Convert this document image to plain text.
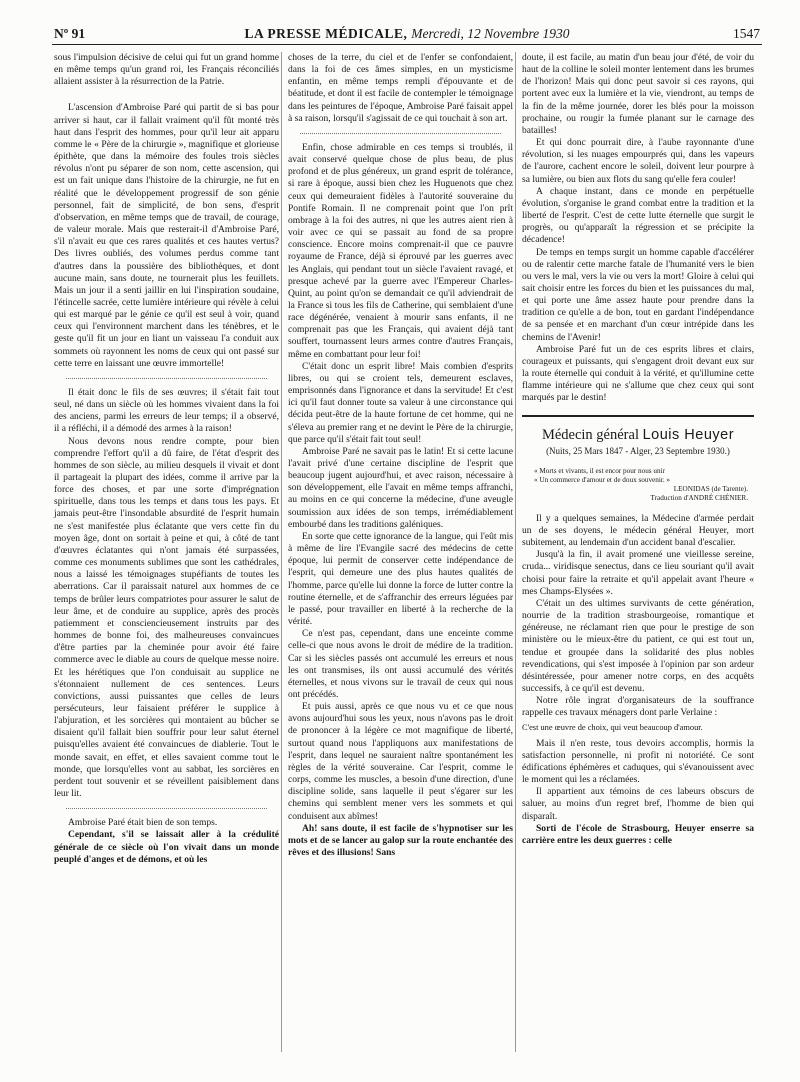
Nº 91	LA PRESSE MÉDICALE, Mercredi, 12 Novembre 1930	1547

sous l'impulsion décisive de celui qui fut un grand homme en même temps qu'un grand roi, les Français réconciliés allaient assister à la résurrection de la Patrie.

L'ascension d'Ambroise Paré qui partit de si bas pour arriver si haut, car il fallait vraiment qu'il fût monté très haut dans l'esprit des hommes, pour qu'il leur ait apparu comme le « Père de la chirurgie », magnifique et glorieuse épithète, que dans la mémoire des foules trois siècles révolus n'ont pu séparer de son nom, cette ascension, qui est un fait unique dans l'histoire de la chirurgie, ne fut en réalité que le développement progressif de son génie personnel, fait de simplicité, de bon sens, d'esprit d'observation, en même temps que de travail, de courage, de valeur morale. Mais que resterait-il d'Ambroise Paré, s'il n'avait eu que ces rares qualités et ces hautes vertus? Des livres oubliés, des volumes perdus comme tant d'autres dans la poussière des bibliothèques, et dont aucune main, sans doute, ne tournerait plus les feuillets. Mais un jour il a senti jaillir en lui l'inspiration soudaine, l'étincelle sacrée, cette lumière intérieure qui révèle à celui qui est marqué par le génie ce qu'il est seul à voir, quand ceux qui l'environnent marchent dans les ténèbres, et le geste qu'il fit un jour en liant un vaisseau l'a conduit aux sommets où rayonnent les noms de ceux qui ont passé sur cette terre en laissant une œuvre immortelle!

Il était donc le fils de ses œuvres; il s'était fait tout seul, né dans un siècle où les hommes vivaient dans la foi des anciens, parmi les erreurs de leur temps; il a observé, il a réfléchi, il a démodé des armes à la raison!

Nous devons nous rendre compte, pour bien comprendre l'effort qu'il a dû faire, de l'état d'esprit des hommes de son siècle, au milieu desquels il vivait et dont il partageait la plupart des idées, comme il arrive par la force des choses, et par une sorte d'imprégnation spirituelle, dans tous les temps et dans tous les pays. Et jamais peut-être l'insondable absurdité de l'esprit humain ne s'est manifestée plus éclatante que vers cette fin du moyen âge, dont on sortait à peine et qui, à côté de tant d'œuvres éclatantes qui n'ont jamais été surpassées, comme ces monuments sublimes que sont les cathédrales, nous a laissé les témoignages stupéfiants de toutes les aberrations. Car il paraissait naturel aux hommes de ce temps de brûler leurs compatriotes pour assurer le salut de leur âme, et de conduire au supplice, après des procès patiemment et consciencieusement instruits par des hommes de bonne foi, des malheureuses convaincues d'être parties par la cheminée pour avoir été faire commerce avec le diable au cours de quelque messe noire. Et les hérétiques que l'on conduisait au supplice ne s'étonnaient nullement de ces sentences. Leurs convictions, aussi puissantes que celles de leurs persécuteurs, leur faisaient préférer le supplice à l'abjuration, et les sorcières qui montaient au bûcher se disaient qu'il fallait bien souffrir pour leur salut éternel puisqu'elles avaient été convaincues de diablerie. Tout le monde savait, en effet, et elles savaient comme tout le monde, que lorsqu'elles vont au sabbat, les sorcières en perdent tout souvenir et se réveillent paisiblement dans leur lit.

Ambroise Paré était bien de son temps.

Cependant, s'il se laissait aller à la crédulité générale de ce siècle où l'on vivait dans un monde peuplé d'anges et de démons, et où les

choses de la terre, du ciel et de l'enfer se confondaient, dans la foi de ces âmes simples, en un mysticisme enfantin, en même temps rempli d'épouvante et de béatitude, et dont il est facile de contempler le témoignage dans les peintures de l'époque, Ambroise Paré faisait appel à sa raison, lorsqu'il s'agissait de ce qui touchait à son art.

Enfin, chose admirable en ces temps si troublés, il avait conservé quelque chose de plus beau, de plus profond et de plus généreux, un grand esprit de tolérance, si rare à époque, aussi bien chez les Huguenots que chez ceux qui demeuraient fidèles à l'autorité souveraine du Pontife Romain. Il ne comprenait point que l'on prît ombrage à la foi des autres, ni que les autres aient rien à voir avec ce qui se passait au fond de sa propre conscience. Encore moins comprenait-il que ce pauvre royaume de France, déjà si éprouvé par les guerres avec les Anglais, qui pendant tout un siècle l'avaient ravagé, et presque achevé par la guerre avec l'Empereur Charles-Quint, au point qu'on se demandait ce qu'il adviendrait de la France si tous les fils de Catherine, qui semblaient d'une race dégénérée, venaient à mourir sans enfants, il ne comprenait pas que les Français, qui avaient déjà tant souffert, tournassent leurs armes contre d'autres Français, même en combattant pour leur foi!

C'était donc un esprit libre! Mais combien d'esprits libres, ou qui se croient tels, demeurent esclaves, emprisonnés dans l'ignorance et dans la servitude! Et c'est ici qu'il faut donner toute sa valeur à une circonstance qui décida peut-être de la haute fortune de cet homme, qui ne s'éleva au premier rang et ne devint le Père de la chirurgie, que parce qu'il s'était fait tout seul!

Ambroise Paré ne savait pas le latin! Et si cette lacune l'avait privé d'une certaine discipline de l'esprit que beaucoup jugent aujourd'hui, et avec raison, nécessaire à son développement, elle l'avait en même temps affranchi, au moins en ce qui concerne la médecine, d'une aveugle soumission aux idées de son temps, irrémédiablement embourbé dans les traditions galéniques.

En sorte que cette ignorance de la langue, qui l'eût mis à même de lire l'Evangile sacré des médecins de cette époque, lui permit de conserver cette indépendance de l'esprit, qui demeure une des plus hautes qualités de l'homme, parce qu'elle lui donne la force de lutter contre la routine éternelle, et de s'affranchir des erreurs léguées par le passé, pour travailler en liberté à la recherche de la vérité.

Ce n'est pas, cependant, dans une enceinte comme celle-ci que nous avons le droit de médire de la tradition. Car si les siècles passés ont accumulé les erreurs et nous les ont transmises, ils ont aussi accumulé des vérités éternelles, et nous vivons sur le travail de ceux qui nous ont précédés.

Et puis aussi, après ce que nous vu et ce que nous avons aujourd'hui sous les yeux, nous n'avons pas le droit de prononcer à la légère ce mot magnifique de liberté, surtout quand nous l'appliquons aux manifestations de l'esprit, dans lequel ne sauraient naître spontanément les règles de la vérité souveraine. Car l'esprit, comme le corps, comme les muscles, a besoin d'une direction, d'une discipline solide, sans laquelle il peut s'égarer sur les chemins qui semblent mener vers les sommets et qui conduisent aux abîmes!

Ah! sans doute, il est facile de s'hypnotiser sur les mots et de se lancer au galop sur la route enchantée des rêves et des illusions! Sans

doute, il est facile, au matin d'un beau jour d'été, de voir du haut de la colline le soleil monter lentement dans les brumes de l'horizon! Mais qui donc peut savoir si ces rayons, qui portent avec eux la lumière et la vie, viendront, au temps de la fin de la même journée, dorer les blés pour la moisson prochaine, ou rougir la fumée planant sur le carnage des batailles!

Et qui donc pourrait dire, à l'aube rayonnante d'une révolution, si les nuages empourprés qui, dans les vapeurs de l'aurore, cachent encore le soleil, doivent leur pourpre à sa lumière, ou bien aux flots du sang qu'elle fera couler!

A chaque instant, dans ce monde en perpétuelle évolution, s'organise le grand combat entre la tradition et la liberté de l'esprit. C'est de cette lutte éternelle que surgit le progrès, ou qu'apparaît la régression et se précipite la décadence!

De temps en temps surgit un homme capable d'accélérer ou de ralentir cette marche fatale de l'humanité vers le bien ou vers le mal, vers la vie ou vers la mort! Gloire à celui qui sait choisir entre les forces du bien et les puissances du mal, et qui porte une âme assez haute pour prendre dans la tradition ce qu'elle a de bon, tout en gardant l'indépendance de sa pensée et en marchant d'un cœur intrépide dans les chemins de l'Avenir!

Ambroise Paré fut un de ces esprits libres et clairs, courageux et puissants, qui s'engagent droit devant eux sur la route éternelle qui conduit à la vérité, et qu'illumine cette flamme intérieure qui ne s'allume que chez ceux qui sont marqués par le destin!

Médecin général Louis Heuyer
(Nuits, 25 Mars 1847 - Alger, 23 Septembre 1930.)
« Morts et vivants, il est encor pour nous unir
« Un commerce d'amour et de doux souvenir. »
LEONIDAS (de Tarente).
Traduction d'ANDRÉ CHÉNIER.

Il y a quelques semaines, la Médecine d'armée perdait un de ses doyens, le médecin général Heuyer, mort subitement, au lendemain d'un accident banal d'escalier.

Jusqu'à la fin, il avait promené une vieillesse sereine, cruda... viridisque senectus, dans ce lieu souriant qu'il avait choisi pour faire la retraite et qu'il appelait avant l'heure « mes Champs-Elysées ».

C'était un des ultimes survivants de cette génération, nourrie de la tradition strasbourgeoise, romantique et généreuse, ne réclamant rien que pour le prestige de son ministère ou le mieux-être du patient, ce qui est tout un, tendue et groupée dans la solidarité des plus nobles revendications, qui s'est imposée à l'opinion par son ardeur désintéressée, pour amener notre corps, en des acquêts successifs, à ce qu'il est devenu.

Notre rôle ingrat d'organisateurs de la souffrance rappelle ces travaux ménagers dont parle Verlaine :

C'est une œuvre de choix, qui veut beaucoup d'amour.

Mais il n'en reste, tous devoirs accomplis, hormis la satisfaction personnelle, ni profit ni notoriété. Ce sont édifications éphémères et caduques, qui s'évanouissent avec le moment qui les a réclamées.

Il appartient aux témoins de ces labeurs obscurs de saluer, au moins d'un regret bref, l'homme de bien qui disparaît.

Sorti de l'école de Strasbourg, Heuyer enserre sa carrière entre les deux guerres : celle
